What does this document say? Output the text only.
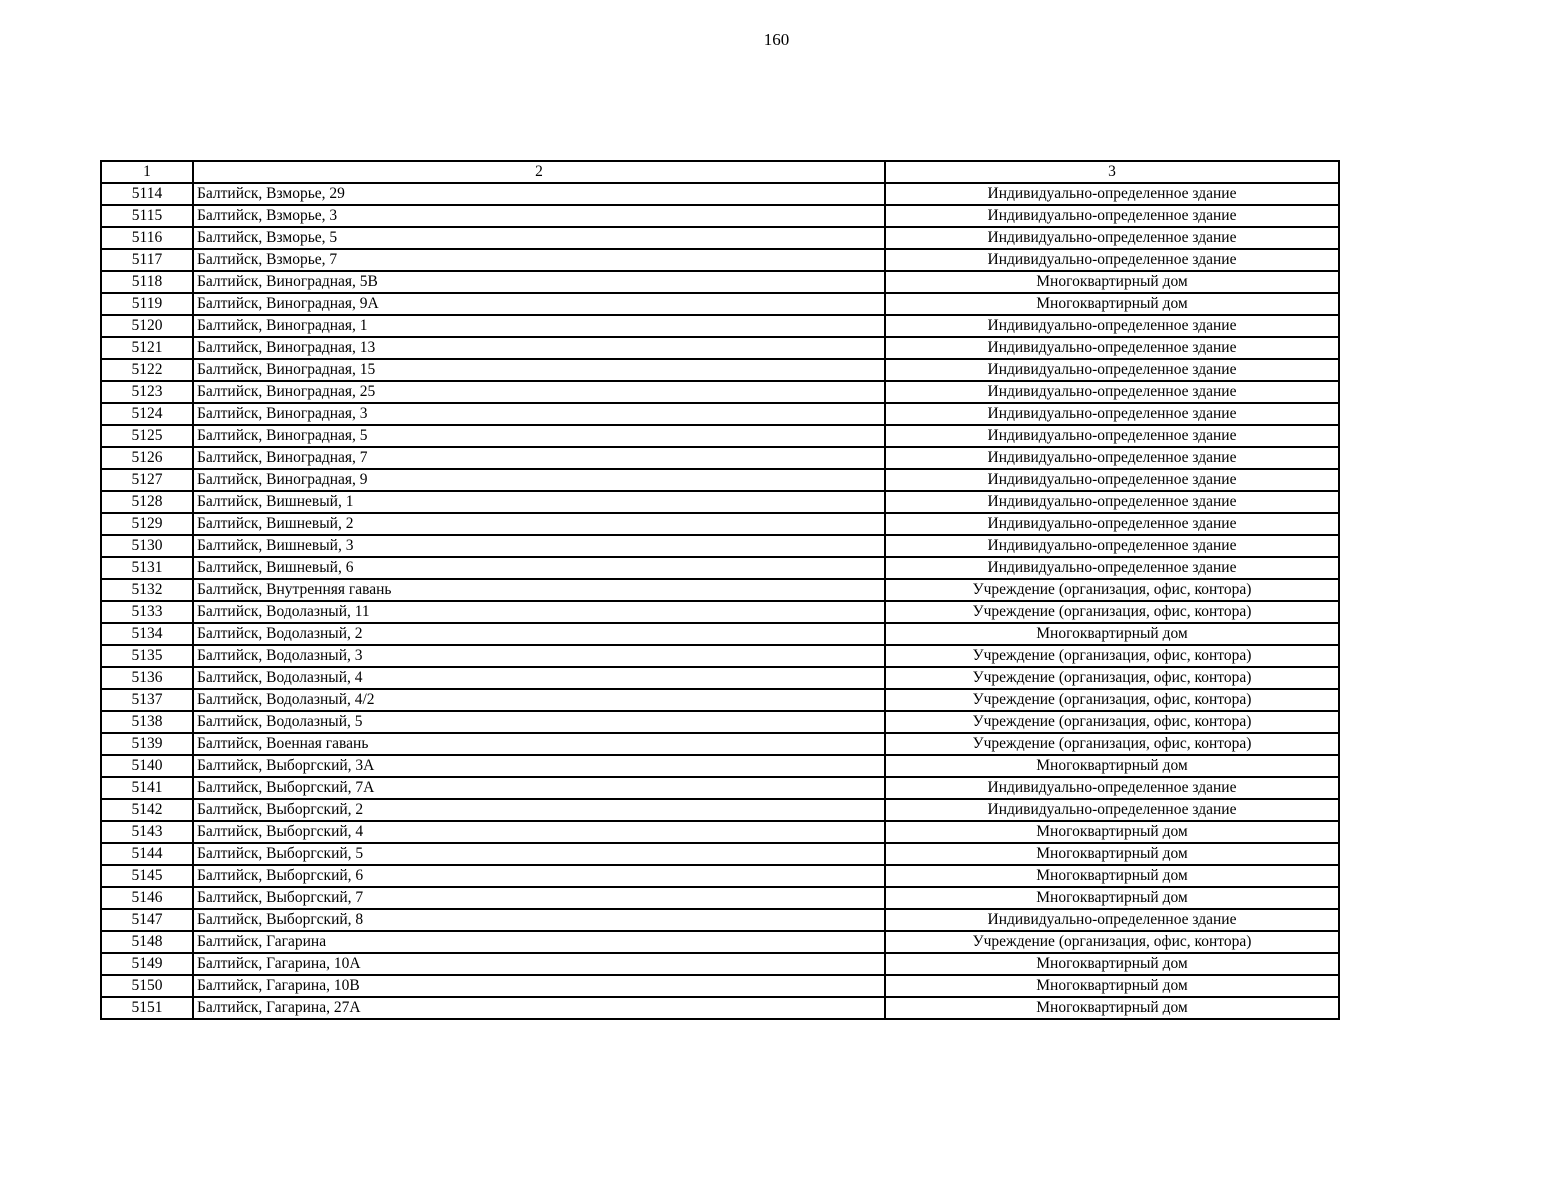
160
1	2	3
5114	Балтийск, Взморье, 29	Индивидуально-определенное здание
5115	Балтийск, Взморье, 3	Индивидуально-определенное здание
5116	Балтийск, Взморье, 5	Индивидуально-определенное здание
5117	Балтийск, Взморье, 7	Индивидуально-определенное здание
5118	Балтийск, Виноградная, 5В	Многоквартирный дом
5119	Балтийск, Виноградная, 9А	Многоквартирный дом
5120	Балтийск, Виноградная, 1	Индивидуально-определенное здание
5121	Балтийск, Виноградная, 13	Индивидуально-определенное здание
5122	Балтийск, Виноградная, 15	Индивидуально-определенное здание
5123	Балтийск, Виноградная, 25	Индивидуально-определенное здание
5124	Балтийск, Виноградная, 3	Индивидуально-определенное здание
5125	Балтийск, Виноградная, 5	Индивидуально-определенное здание
5126	Балтийск, Виноградная, 7	Индивидуально-определенное здание
5127	Балтийск, Виноградная, 9	Индивидуально-определенное здание
5128	Балтийск, Вишневый, 1	Индивидуально-определенное здание
5129	Балтийск, Вишневый, 2	Индивидуально-определенное здание
5130	Балтийск, Вишневый, 3	Индивидуально-определенное здание
5131	Балтийск, Вишневый, 6	Индивидуально-определенное здание
5132	Балтийск, Внутренняя гавань	Учреждение (организация, офис, контора)
5133	Балтийск, Водолазный, 11	Учреждение (организация, офис, контора)
5134	Балтийск, Водолазный, 2	Многоквартирный дом
5135	Балтийск, Водолазный, 3	Учреждение (организация, офис, контора)
5136	Балтийск, Водолазный, 4	Учреждение (организация, офис, контора)
5137	Балтийск, Водолазный, 4/2	Учреждение (организация, офис, контора)
5138	Балтийск, Водолазный, 5	Учреждение (организация, офис, контора)
5139	Балтийск, Военная гавань	Учреждение (организация, офис, контора)
5140	Балтийск, Выборгский, 3А	Многоквартирный дом
5141	Балтийск, Выборгский, 7А	Индивидуально-определенное здание
5142	Балтийск, Выборгский, 2	Индивидуально-определенное здание
5143	Балтийск, Выборгский, 4	Многоквартирный дом
5144	Балтийск, Выборгский, 5	Многоквартирный дом
5145	Балтийск, Выборгский, 6	Многоквартирный дом
5146	Балтийск, Выборгский, 7	Многоквартирный дом
5147	Балтийск, Выборгский, 8	Индивидуально-определенное здание
5148	Балтийск, Гагарина	Учреждение (организация, офис, контора)
5149	Балтийск, Гагарина, 10А	Многоквартирный дом
5150	Балтийск, Гагарина, 10В	Многоквартирный дом
5151	Балтийск, Гагарина, 27А	Многоквартирный дом
